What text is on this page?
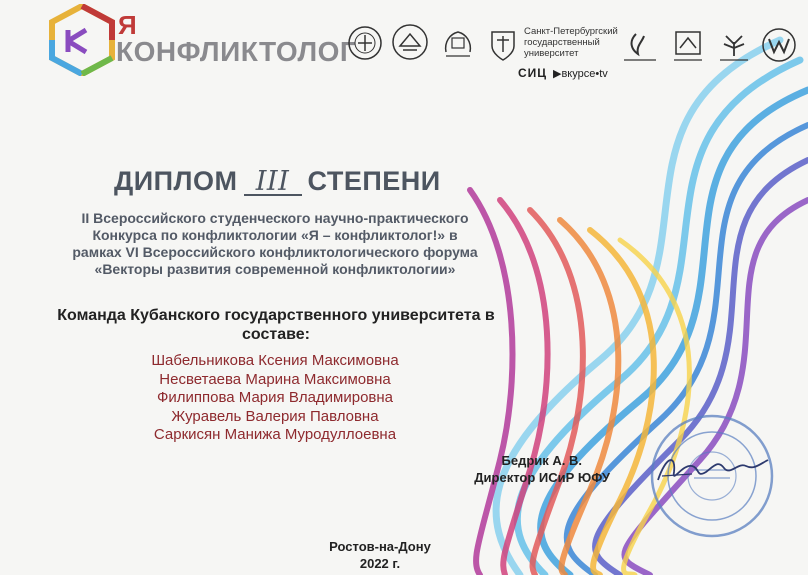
Я
КОНФЛИКТОЛОГ
Санкт-Петербургский
государственный
университет
СИЦ ▶вкурсе•tv
ДИПЛОМ III СТЕПЕНИ
II Всероссийского студенческого научно-практического
Конкурса по конфликтологии «Я – конфликтолог!» в
рамках VI Всероссийского конфликтологического форума
«Векторы развития современной конфликтологии»
Команда Кубанского государственного университета в
составе:
Шабельникова Ксения Максимовна
Несветаева Марина Максимовна
Филиппова Мария Владимировна
Журавель Валерия Павловна
Саркисян Манижа Муродуллоевна
Бедрик А. В.
Директор ИСиР ЮФУ
Ростов-на-Дону
2022 г.
